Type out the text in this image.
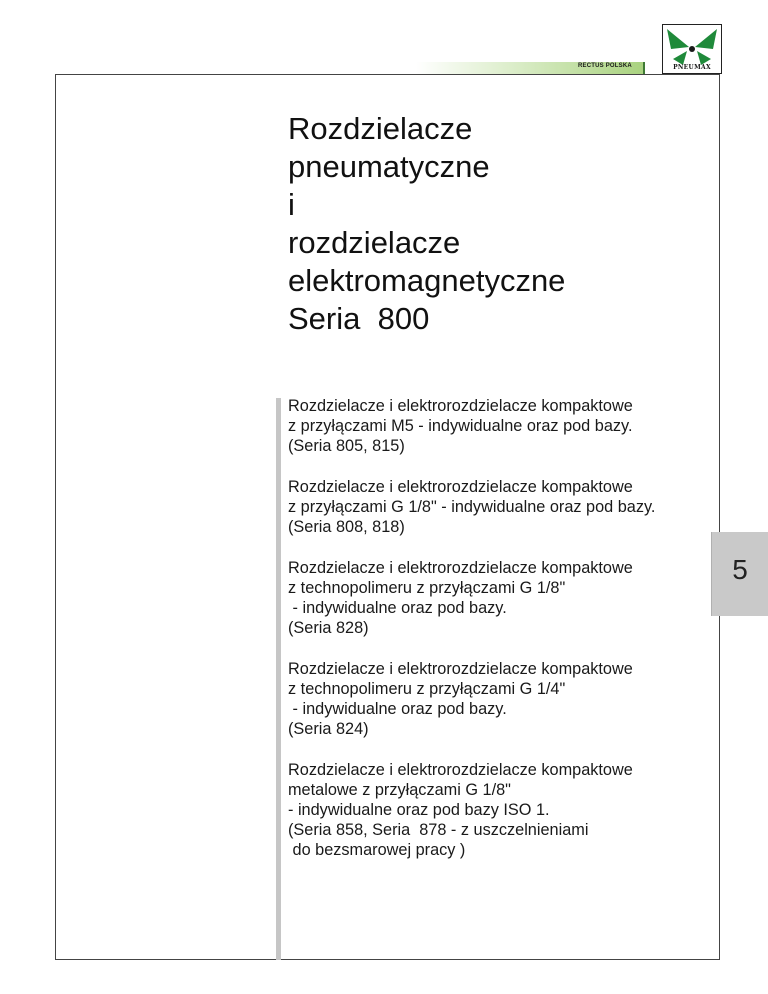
RECTUS POLSKA	PNEUMAX
Rozdzielacze
pneumatyczne
i
rozdzielacze
elektromagnetyczne
Seria  800
Rozdzielacze i elektrorozdzielacze kompaktowe
z przyłączami M5 - indywidualne oraz pod bazy.
(Seria 805, 815)
Rozdzielacze i elektrorozdzielacze kompaktowe
z przyłączami G 1/8" - indywidualne oraz pod bazy.
(Seria 808, 818)
Rozdzielacze i elektrorozdzielacze kompaktowe
z technopolimeru z przyłączami G 1/8"
- indywidualne oraz pod bazy.
(Seria 828)
Rozdzielacze i elektrorozdzielacze kompaktowe
z technopolimeru z przyłączami G 1/4"
- indywidualne oraz pod bazy.
(Seria 824)
Rozdzielacze i elektrorozdzielacze kompaktowe
metalowe z przyłączami G 1/8"
- indywidualne oraz pod bazy ISO 1.
(Seria 858, Seria  878 - z uszczelnieniami
do bezsmarowej pracy )
5
